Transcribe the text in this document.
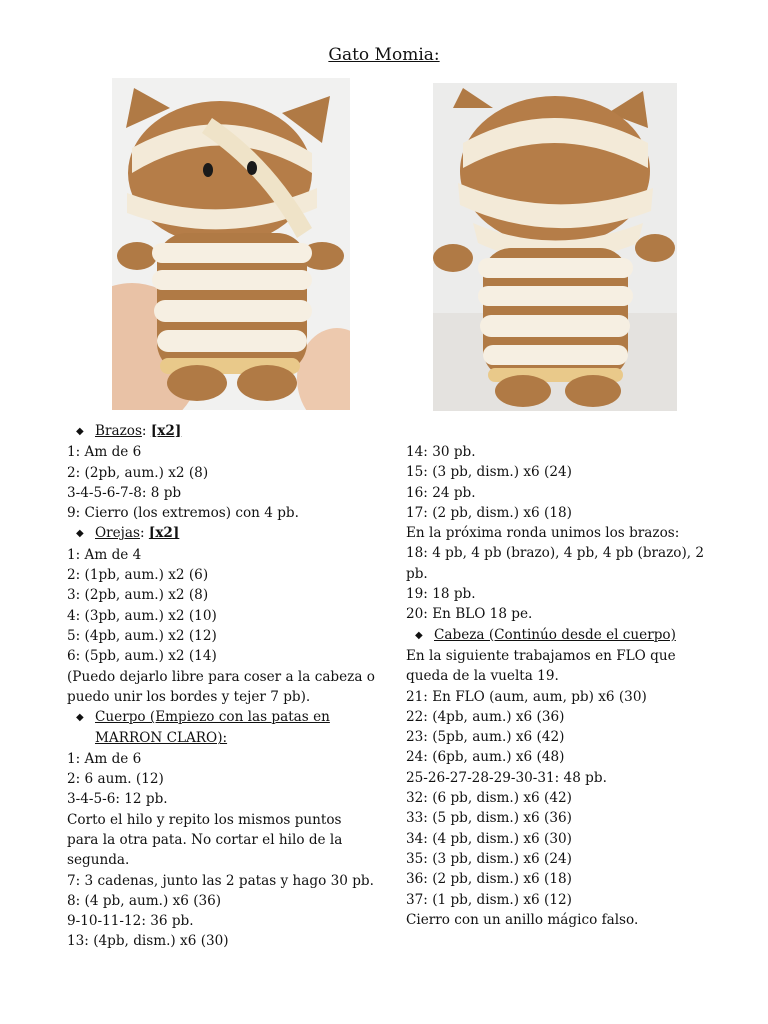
Gato Momia:
◆ Brazos: [x2]
1: Am de 6
2: (2pb, aum.) x2 (8)
3-4-5-6-7-8: 8 pb
9: Cierro (los extremos) con 4 pb.
◆ Orejas: [x2]
1: Am de 4
2: (1pb, aum.) x2 (6)
3: (2pb, aum.) x2 (8)
4: (3pb, aum.) x2 (10)
5: (4pb, aum.) x2 (12)
6: (5pb, aum.) x2 (14)
(Puedo dejarlo libre para coser a la cabeza o
puedo unir los bordes y tejer 7 pb).
◆ Cuerpo (Empiezo con las patas en
MARRON CLARO):
1: Am de 6
2: 6 aum. (12)
3-4-5-6: 12 pb.
Corto el hilo y repito los mismos puntos
para la otra pata. No cortar el hilo de la
segunda.
7: 3 cadenas, junto las 2 patas y hago 30 pb.
8: (4 pb, aum.) x6 (36)
9-10-11-12: 36 pb.
13: (4pb, dism.) x6 (30)
14: 30 pb.
15: (3 pb, dism.) x6 (24)
16: 24 pb.
17: (2 pb, dism.) x6 (18)
En la próxima ronda unimos los brazos:
18: 4 pb, 4 pb (brazo), 4 pb, 4 pb (brazo), 2
pb.
19: 18 pb.
20: En BLO 18 pe.
◆ Cabeza (Continúo desde el cuerpo)
En la siguiente trabajamos en FLO que
queda de la vuelta 19.
21: En FLO (aum, aum, pb) x6 (30)
22: (4pb, aum.) x6 (36)
23: (5pb, aum.) x6 (42)
24: (6pb, aum.) x6 (48)
25-26-27-28-29-30-31: 48 pb.
32: (6 pb, dism.) x6 (42)
33: (5 pb, dism.) x6 (36)
34: (4 pb, dism.) x6 (30)
35: (3 pb, dism.) x6 (24)
36: (2 pb, dism.) x6 (18)
37: (1 pb, dism.) x6 (12)
Cierro con un anillo mágico falso.
